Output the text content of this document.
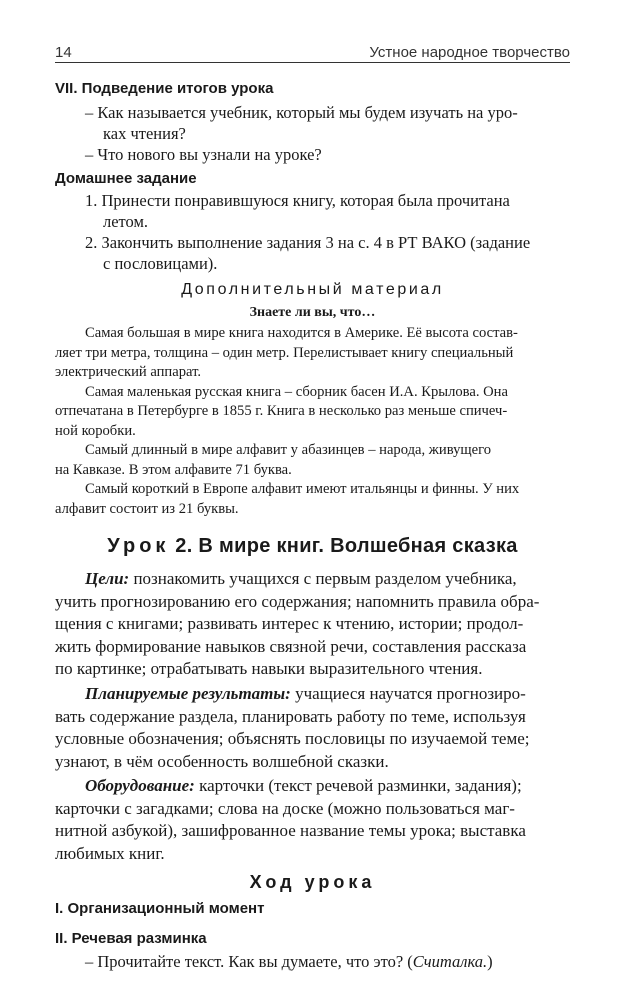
14	Устное народное творчество
VII. Подведение итогов урока
– Как называется учебник, который мы будем изучать на уро-
ках чтения?
– Что нового вы узнали на уроке?
Домашнее задание
1. Принести понравившуюся книгу, которая была прочитана
летом.
2. Закончить выполнение задания 3 на с. 4 в РТ ВАКО (задание
с пословицами).
Дополнительный материал
Знаете ли вы, что…
Самая большая в мире книга находится в Америке. Её высота состав-
ляет три метра, толщина – один метр. Перелистывает книгу специальный
электрический аппарат.
Самая маленькая русская книга – сборник басен И.А. Крылова. Она
отпечатана в Петербурге в 1855 г. Книга в несколько раз меньше спичеч-
ной коробки.
Самый длинный в мире алфавит у абазинцев – народа, живущего
на Кавказе. В этом алфавите 71 буква.
Самый короткий в Европе алфавит имеют итальянцы и финны. У них
алфавит состоит из 21 буквы.
Урок 2. В мире книг. Волшебная сказка
Цели: познакомить учащихся с первым разделом учебника,
учить прогнозированию его содержания; напомнить правила обра-
щения с книгами; развивать интерес к чтению, истории; продол-
жить формирование навыков связной речи, составления рассказа
по картинке; отрабатывать навыки выразительного чтения.
Планируемые результаты: учащиеся научатся прогнозиро-
вать содержание раздела, планировать работу по теме, используя
условные обозначения; объяснять пословицы по изучаемой теме;
узнают, в чём особенность волшебной сказки.
Оборудование: карточки (текст речевой разминки, задания);
карточки с загадками; слова на доске (можно пользоваться маг-
нитной азбукой), зашифрованное название темы урока; выставка
любимых книг.
Ход урока
I. Организационный момент
II. Речевая разминка
– Прочитайте текст. Как вы думаете, что это? (Считалка.)
